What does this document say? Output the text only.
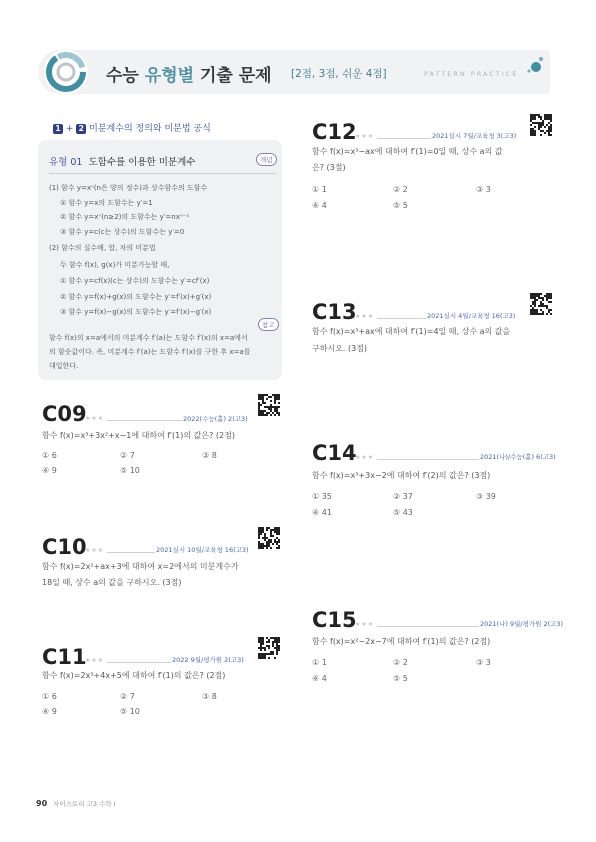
수능 유형별 기출 문제 [2점, 3점, 쉬운 4점]	PATTERN PRACTICE
1 + 2 미분계수의 정의와 미분법 공식
유형 01 도함수를 이용한 미분계수	개념
(1) 함수 y=xⁿ(n은 양의 정수)과 상수함수의 도함수
① 함수 y=x의 도함수는 y′=1
② 함수 y=xⁿ(n≥2)의 도함수는 y′=nxⁿ⁻¹
③ 함수 y=c(c는 상수)의 도함수는 y′=0
(2) 함수의 실수배, 합, 차의 미분법
두 함수 f(x), g(x)가 미분가능할 때,
① 함수 y=cf(x)(c는 상수)의 도함수는 y′=cf′(x)
② 함수 y=f(x)+g(x)의 도함수는 y′=f′(x)+g′(x)
③ 함수 y=f(x)−g(x)의 도함수는 y′=f′(x)−g′(x)
참고
함수 f(x)의 x=a에서의 미분계수 f′(a)는 도함수 f′(x)의 x=a에서
의 함숫값이다. 즉, 미분계수 f′(a)는 도함수 f′(x)를 구한 후 x=a를
대입한다.
C09
★★★	2022(수능(홀) 2(고3)
함수 f(x)=x³+3x²+x−1에 대하여 f′(1)의 값은? (2점)
① 6	② 7	③ 8
④ 9	⑤ 10
C10
★★★	2021실시 10월/교육청 16(고3)
함수 f(x)=2x²+ax+3에 대하여 x=2에서의 미분계수가
18일 때, 상수 a의 값을 구하시오. (3점)
C11
★★★	2022 9월/평가원 2(고3)
함수 f(x)=2x³+4x+5에 대하여 f′(1)의 값은? (2점)
① 6	② 7	③ 8
④ 9	⑤ 10
C12
★★★	2021실시 7월/교육청 3(고3)
함수 f(x)=x³−ax에 대하여 f′(1)=0일 때, 상수 a의 값
은? (3점)
① 1	② 2	③ 3
④ 4	⑤ 5
C13
★★★	2021실시 4월/교육청 16(고3)
함수 f(x)=x³+ax에 대하여 f′(1)=4일 때, 상수 a의 값을
구하시오. (3점)
C14
★★★	2021(나)/수능(홀) 6(고3)
함수 f(x)=x³+3x−2에 대하여 f′(2)의 값은? (3점)
① 35	② 37	③ 39
④ 41	⑤ 43
C15
★★★	2021(나) 9월/평가원 2(고3)
함수 f(x)=x²−2x−7에 대하여 f′(1)의 값은? (2점)
① 1	② 2	③ 3
④ 4	⑤ 5
90 자이스토리 고3 수학 I
